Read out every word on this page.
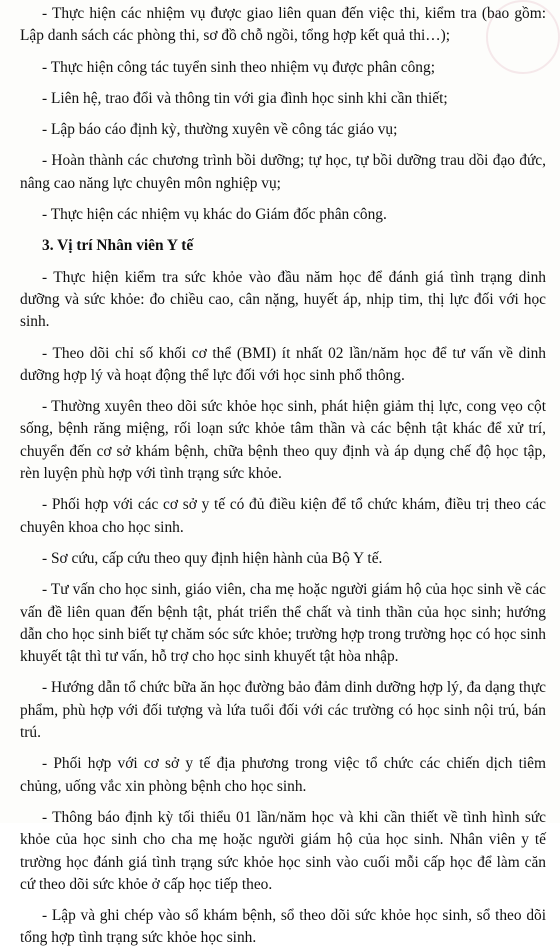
- Thực hiện các nhiệm vụ được giao liên quan đến việc thi, kiểm tra (bao gồm: Lập danh sách các phòng thi, sơ đồ chỗ ngồi, tổng hợp kết quả thi…);

- Thực hiện công tác tuyển sinh theo nhiệm vụ được phân công;

- Liên hệ, trao đổi và thông tin với gia đình học sinh khi cần thiết;

- Lập báo cáo định kỳ, thường xuyên về công tác giáo vụ;

- Hoàn thành các chương trình bồi dưỡng; tự học, tự bồi dưỡng trau dồi đạo đức, nâng cao năng lực chuyên môn nghiệp vụ;

- Thực hiện các nhiệm vụ khác do Giám đốc phân công.

3. Vị trí Nhân viên Y tế

- Thực hiện kiểm tra sức khỏe vào đầu năm học để đánh giá tình trạng dinh dưỡng và sức khỏe: đo chiều cao, cân nặng, huyết áp, nhịp tim, thị lực đối với học sinh.

- Theo dõi chỉ số khối cơ thể (BMI) ít nhất 02 lần/năm học để tư vấn về dinh dưỡng hợp lý và hoạt động thể lực đối với học sinh phổ thông.

- Thường xuyên theo dõi sức khỏe học sinh, phát hiện giảm thị lực, cong vẹo cột sống, bệnh răng miệng, rối loạn sức khỏe tâm thần và các bệnh tật khác để xử trí, chuyển đến cơ sở khám bệnh, chữa bệnh theo quy định và áp dụng chế độ học tập, rèn luyện phù hợp với tình trạng sức khỏe.

- Phối hợp với các cơ sở y tế có đủ điều kiện để tổ chức khám, điều trị theo các chuyên khoa cho học sinh.

- Sơ cứu, cấp cứu theo quy định hiện hành của Bộ Y tế.

- Tư vấn cho học sinh, giáo viên, cha mẹ hoặc người giám hộ của học sinh về các vấn đề liên quan đến bệnh tật, phát triển thể chất và tinh thần của học sinh; hướng dẫn cho học sinh biết tự chăm sóc sức khỏe; trường hợp trong trường học có học sinh khuyết tật thì tư vấn, hỗ trợ cho học sinh khuyết tật hòa nhập.

- Hướng dẫn tổ chức bữa ăn học đường bảo đảm dinh dưỡng hợp lý, đa dạng thực phẩm, phù hợp với đối tượng và lứa tuổi đối với các trường có học sinh nội trú, bán trú.

- Phối hợp với cơ sở y tế địa phương trong việc tổ chức các chiến dịch tiêm chủng, uống vắc xin phòng bệnh cho học sinh.

- Thông báo định kỳ tối thiểu 01 lần/năm học và khi cần thiết về tình hình sức khỏe của học sinh cho cha mẹ hoặc người giám hộ của học sinh. Nhân viên y tế trường học đánh giá tình trạng sức khỏe học sinh vào cuối mỗi cấp học để làm căn cứ theo dõi sức khỏe ở cấp học tiếp theo.

- Lập và ghi chép vào sổ khám bệnh, sổ theo dõi sức khỏe học sinh, sổ theo dõi tổng hợp tình trạng sức khỏe học sinh.
